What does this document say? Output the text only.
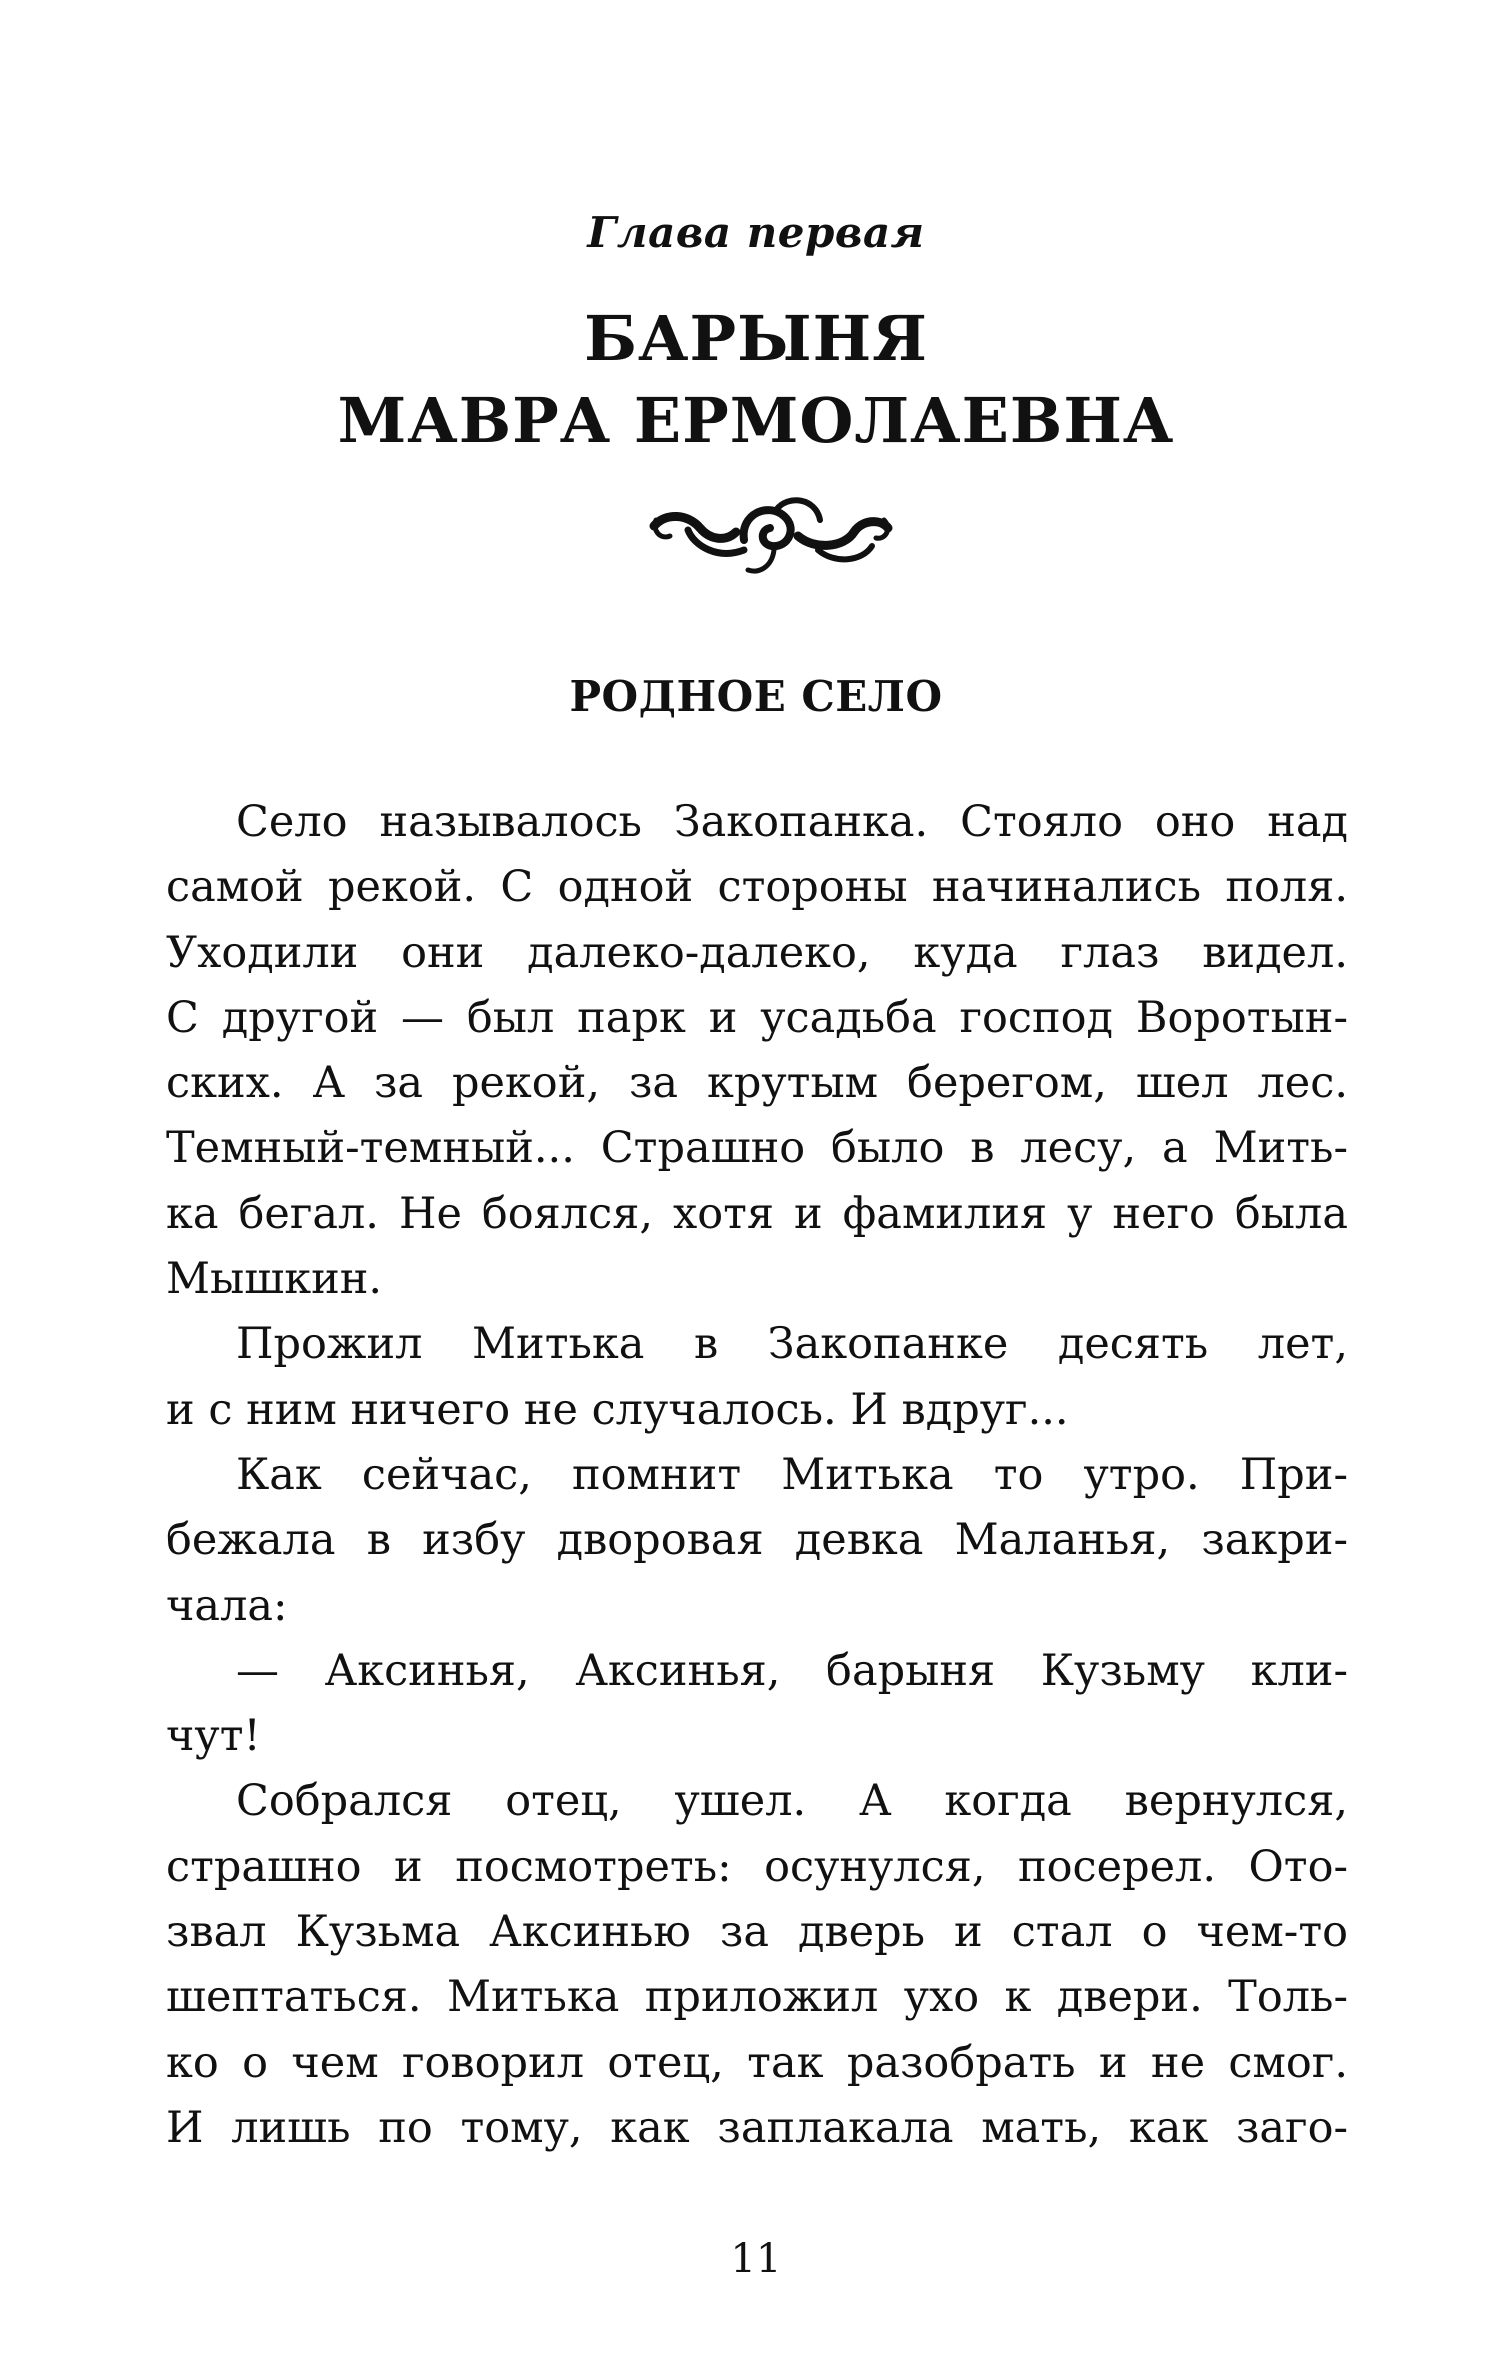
Глава первая
БАРЫНЯ
МАВРА ЕРМОЛАЕВНА
РОДНОЕ СЕЛО
Село называлось Закопанка. Стояло оно над
самой рекой. С одной стороны начинались поля.
Уходили они далеко-далеко, куда глаз видел.
С другой — был парк и усадьба господ Воротын-
ских. А за рекой, за крутым берегом, шел лес.
Темный-темный... Страшно было в лесу, а Мить-
ка бегал. Не боялся, хотя и фамилия у него была
Мышкин.
Прожил Митька в Закопанке десять лет,
и с ним ничего не случалось. И вдруг...
Как сейчас, помнит Митька то утро. При-
бежала в избу дворовая девка Маланья, закри-
чала:
— Аксинья, Аксинья, барыня Кузьму кли-
чут!
Собрался отец, ушел. А когда вернулся,
страшно и посмотреть: осунулся, посерел. Ото-
звал Кузьма Аксинью за дверь и стал о чем-то
шептаться. Митька приложил ухо к двери. Толь-
ко о чем говорил отец, так разобрать и не смог.
И лишь по тому, как заплакала мать, как заго-
11
